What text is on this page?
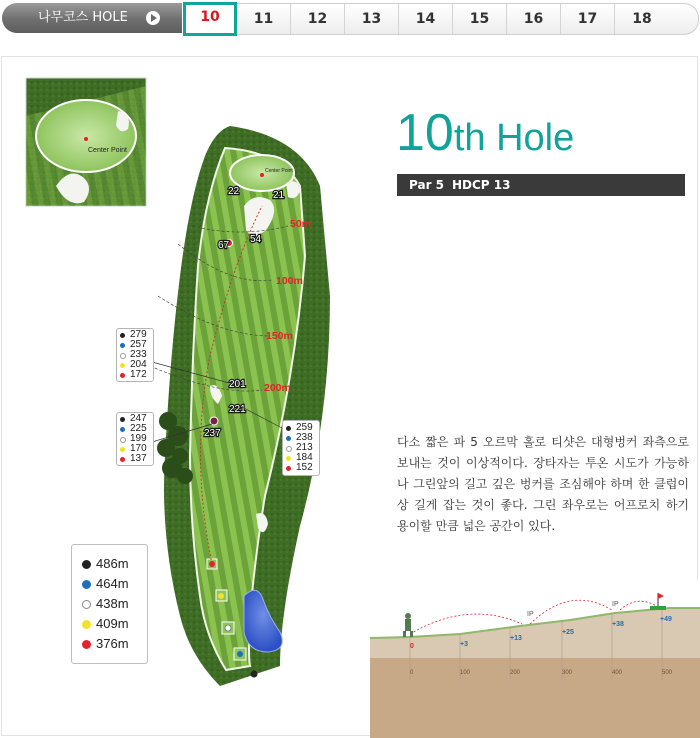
나무코스 HOLE	10	11	12	13	14	15	16	17	18
Center Point
Center Point
50m
100m
150m
200m
22	21
67
54
201
221
237
279
257
233
204
172
247
225
199
170
137
259
238
213
184
152
486m
464m
438m
409m
376m
10th Hole
Par 5 HDCP 13
다소 짧은 파 5 오르막 홀로 티샷은 대형벙커 좌측으로 보내는 것이 이상적이다. 장타자는 투온 시도가 가능하나 그린앞의 길고 깊은 벙커를 조심해야 하며 한 클럽이상 길게 잡는 것이 좋다. 그린 좌우로는 어프로치 하기 용이할 만큼 넓은 공간이 있다.
IP
IP
0	+3
+13
+25
+38
+49
0	100	200	300	400	500
